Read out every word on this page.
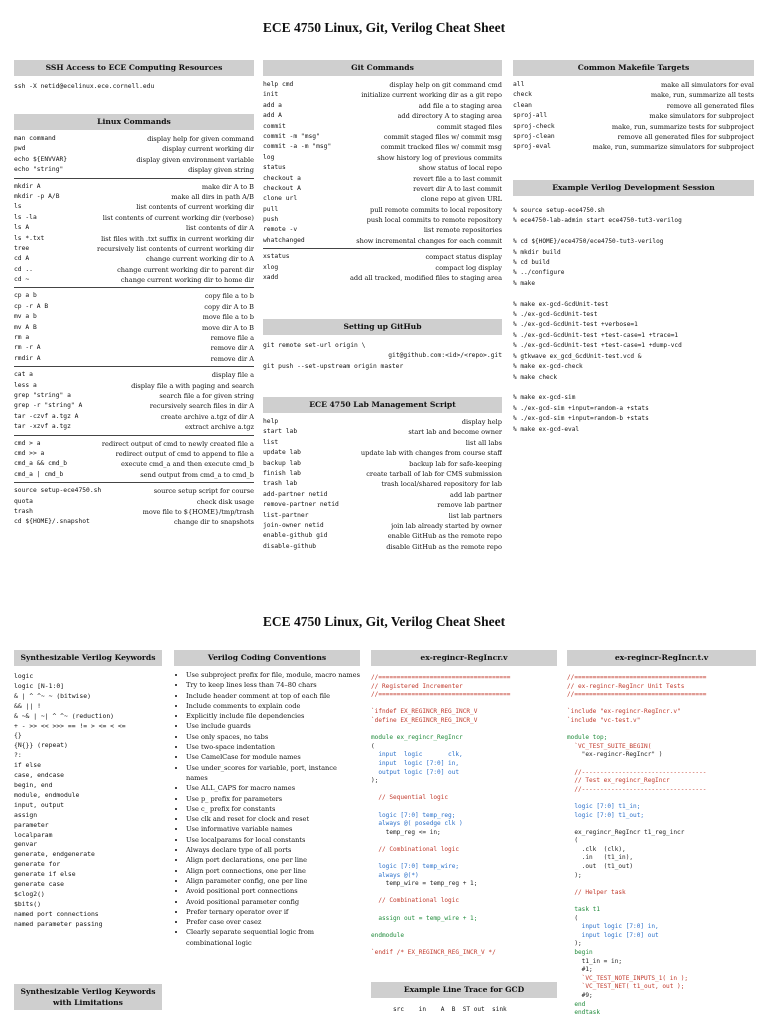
ECE 4750 Linux, Git, Verilog Cheat Sheet
SSH Access to ECE Computing Resources
ssh -X netid@ecelinux.ece.cornell.edu
Linux Commands
man command	display help for given command
pwd	display current working dir
echo ${ENVVAR}	display given environment variable
echo "string"	display given string
mkdir A	make dir A to B
mkdir -p A/B	make all dirs in path A/B
ls	list contents of current working dir
ls -la	list contents of current working dir (verbose)
ls A	list contents of dir A
ls *.txt	list files with .txt suffix in current working dir
tree	recursively list contents of current working dir
cd A	change current working dir to A
cd ..	change current working dir to parent dir
cd ~	change current working dir to home dir
cp a b	copy file a to b
cp -r A B	copy dir A to B
mv a b	move file a to b
mv A B	move dir A to B
rm a	remove file a
rm -r A	remove dir A
rmdir A	remove dir A
cat a	display file a
less a	display file a with paging and search
grep "string" a	search file a for given string
grep -r "string" A	recursively search files in dir A
tar -czvf a.tgz A	create archive a.tgz of dir A
tar -xzvf a.tgz	extract archive a.tgz
cmd > a	redirect output of cmd to newly created file a
cmd >> a	redirect output of cmd to append to file a
cmd_a && cmd_b	execute cmd_a and then execute cmd_b
cmd_a | cmd_b	send output from cmd_a to cmd_b
source setup-ece4750.sh	source setup script for course
quota	check disk usage
trash	move file to ${HOME}/tmp/trash
cd ${HOME}/.snapshot	change dir to snapshots
Git Commands
help cmd	display help on git command cmd
init	initialize current working dir as a git repo
add a	add file a to staging area
add A	add directory A to staging area
commit	commit staged files
commit -m "msg"	commit staged files w/ commit msg
commit -a -m "msg"	commit tracked files w/ commit msg
log	show history log of previous commits
status	show status of local repo
checkout a	revert file a to last commit
checkout A	revert dir A to last commit
clone url	clone repo at given URL
pull	pull remote commits to local repository
push	push local commits to remote repository
remote -v	list remote repositories
whatchanged	show incremental changes for each commit
xstatus	compact status display
xlog	compact log display
xadd	add all tracked, modified files to staging area
Setting up GitHub
git remote set-url origin \
git@github.com:<id>/<repo>.git
git push --set-upstream origin master
ECE 4750 Lab Management Script
help	display help
start lab	start lab and become owner
list	list all labs
update lab	update lab with changes from course staff
backup lab	backup lab for safe-keeping
finish lab	create tarball of lab for CMS submission
trash lab	trash local/shared repository for lab
add-partner netid	add lab partner
remove-partner netid	remove lab partner
list-partner	list lab partners
join-owner netid	join lab already started by owner
enable-github gid	enable GitHub as the remote repo
disable-github	disable GitHub as the remote repo
Common Makefile Targets
all	make all simulators for eval
check	make, run, summarize all tests
clean	remove all generated files
sproj-all	make simulators for subproject
sproj-check	make, run, summarize tests for subproject
sproj-clean	remove all generated files for subproject
sproj-eval	make, run, summarize simulators for subproject
Example Verilog Development Session
% source setup-ece4750.sh
% ece4750-lab-admin start ece4750-tut3-verilog

% cd ${HOME}/ece4750/ece4750-tut3-verilog
% mkdir build
% cd build
% ../configure
% make

% make ex-gcd-GcdUnit-test
% ./ex-gcd-GcdUnit-test
% ./ex-gcd-GcdUnit-test +verbose=1
% ./ex-gcd-GcdUnit-test +test-case=1 +trace=1
% ./ex-gcd-GcdUnit-test +test-case=1 +dump-vcd
% gtkwave ex_gcd_GcdUnit-test.vcd &
% make ex-gcd-check
% make check

% make ex-gcd-sim
% ./ex-gcd-sim +input=random-a +stats
% ./ex-gcd-sim +input=random-b +stats
% make ex-gcd-eval
ECE 4750 Linux, Git, Verilog Cheat Sheet
Synthesizable Verilog Keywords
logic
logic [N-1:0]
& | ^ ^~ ~ (bitwise)
&& || !
& ~& | ~| ^ ^~ (reduction)
+ - >> << >>> == != > <= < <=
{}
{N{}} (repeat)
?:
if else
case, endcase
begin, end
module, endmodule
input, output
assign
parameter
localparam
genvar
generate, endgenerate
generate for
generate if else
generate case
$clog2()
$bits()
named port connections
named parameter passing
Synthesizable Verilog Keywords with Limitations
Verilog Coding Conventions
• Use subproject prefix for file, module, macro names
• Try to keep lines less than 74–80 chars
• Include header comment at top of each file
• Include comments to explain code
• Explicitly include file dependencies
• Use include guards
• Use only spaces, no tabs
• Use two-space indentation
• Use CamelCase for module names
• Use under_scores for variable, port, instance names
• Use ALL_CAPS for macro names
• Use p_ prefix for parameters
• Use c_ prefix for constants
• Use clk and reset for clock and reset
• Use informative variable names
• Use localparams for local constants
• Always declare type of all ports
• Align port declarations, one per line
• Align port connections, one per line
• Align parameter config, one per line
• Avoid positional port connections
• Avoid positional parameter config
• Prefer ternary operator over if
• Prefer case over casez
• Clearly separate sequential logic from combinational logic
ex-regincr-RegIncr.v
//====================================
// Registered Incrementer
//====================================

`ifndef EX_REGINCR_REG_INCR_V
`define EX_REGINCR_REG_INCR_V

module ex_regincr_RegIncr
(
input  logic       clk,
input  logic [7:0] in,
output logic [7:0] out
);

// Sequential logic

logic [7:0] temp_reg;
always @( posedge clk )
temp_reg <= in;

// Combinational logic

logic [7:0] temp_wire;
always @(*)
temp_wire = temp_reg + 1;

// Combinational logic

assign out = temp_wire + 1;

endmodule

`endif /* EX_REGINCR_REG_INCR_V */
Example Line Trace for GCD
src    in    A  B  ST out  sink
ex-regincr-RegIncr.t.v
//====================================
// ex-regincr-RegIncr Unit Tests
//====================================

`include "ex-regincr-RegIncr.v"
`include "vc-test.v"

module top;
`VC_TEST_SUITE_BEGIN(
"ex-regincr-RegIncr" )

//----------------------------------
// Test ex_regincr_RegIncr
//----------------------------------

logic [7:0] t1_in;
logic [7:0] t1_out;

ex_regincr_RegIncr t1_reg_incr
(
.clk  (clk),
.in   (t1_in),
.out  (t1_out)
);

// Helper task

task t1
(
input logic [7:0] in,
input logic [7:0] out
);
begin
t1_in = in;
#1;
`VC_TEST_NOTE_INPUTS_1( in );
`VC_TEST_NET( t1_out, out );
#9;
end
endtask
